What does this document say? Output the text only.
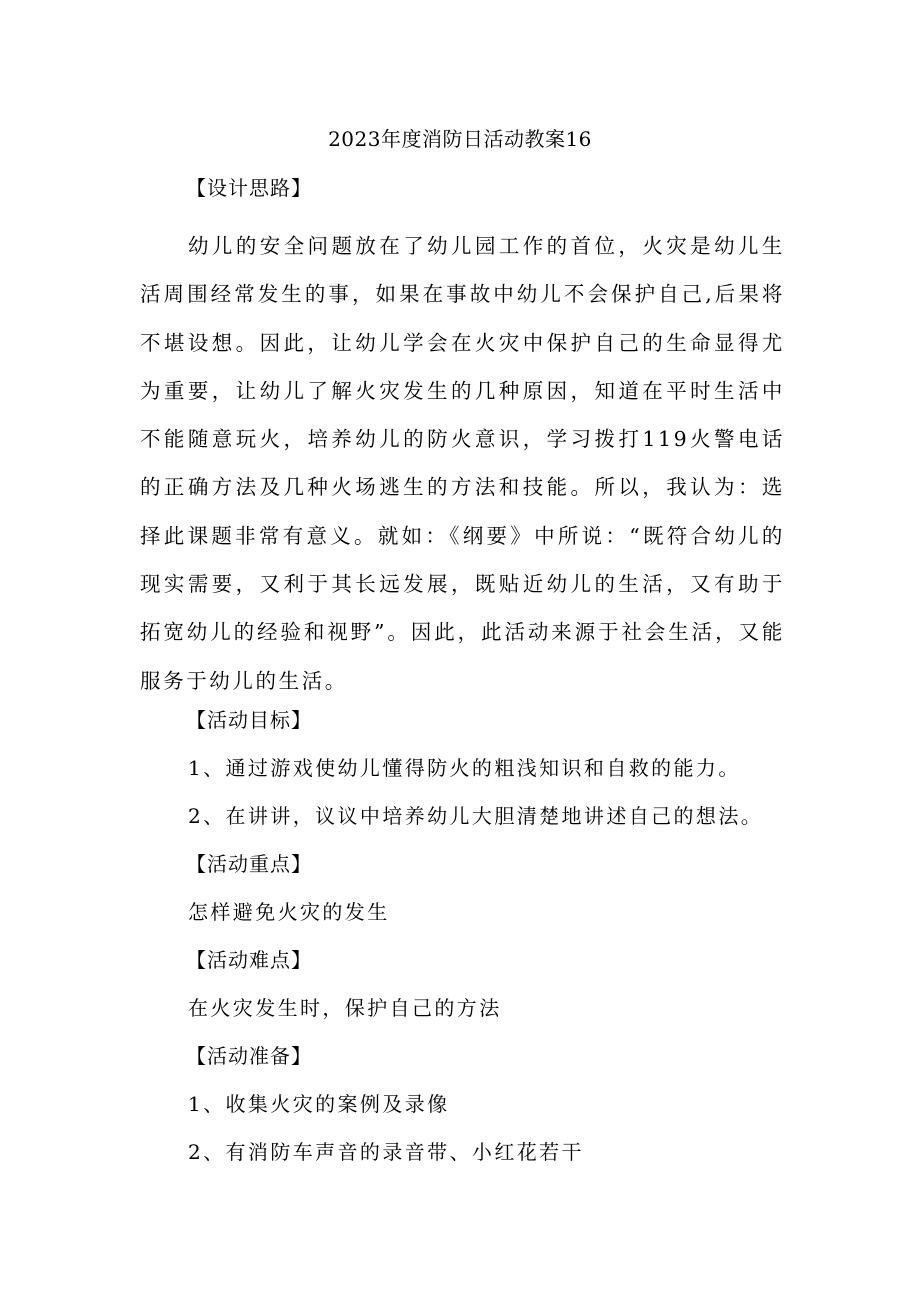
2023年度消防日活动教案16
【设计思路】

幼儿的安全问题放在了幼儿园工作的首位，火灾是幼儿生活周围经常发生的事，如果在事故中幼儿不会保护自己,后果将不堪设想。因此，让幼儿学会在火灾中保护自己的生命显得尤为重要，让幼儿了解火灾发生的几种原因，知道在平时生活中不能随意玩火，培养幼儿的防火意识，学习拨打119火警电话的正确方法及几种火场逃生的方法和技能。所以，我认为：选择此课题非常有意义。就如：《纲要》中所说：“既符合幼儿的现实需要，又利于其长远发展，既贴近幼儿的生活，又有助于拓宽幼儿的经验和视野”。因此，此活动来源于社会生活，又能服务于幼儿的生活。

【活动目标】
1、通过游戏使幼儿懂得防火的粗浅知识和自救的能力。
2、在讲讲，议议中培养幼儿大胆清楚地讲述自己的想法。
【活动重点】
怎样避免火灾的发生
【活动难点】
在火灾发生时，保护自己的方法
【活动准备】
1、收集火灾的案例及录像
2、有消防车声音的录音带、小红花若干
